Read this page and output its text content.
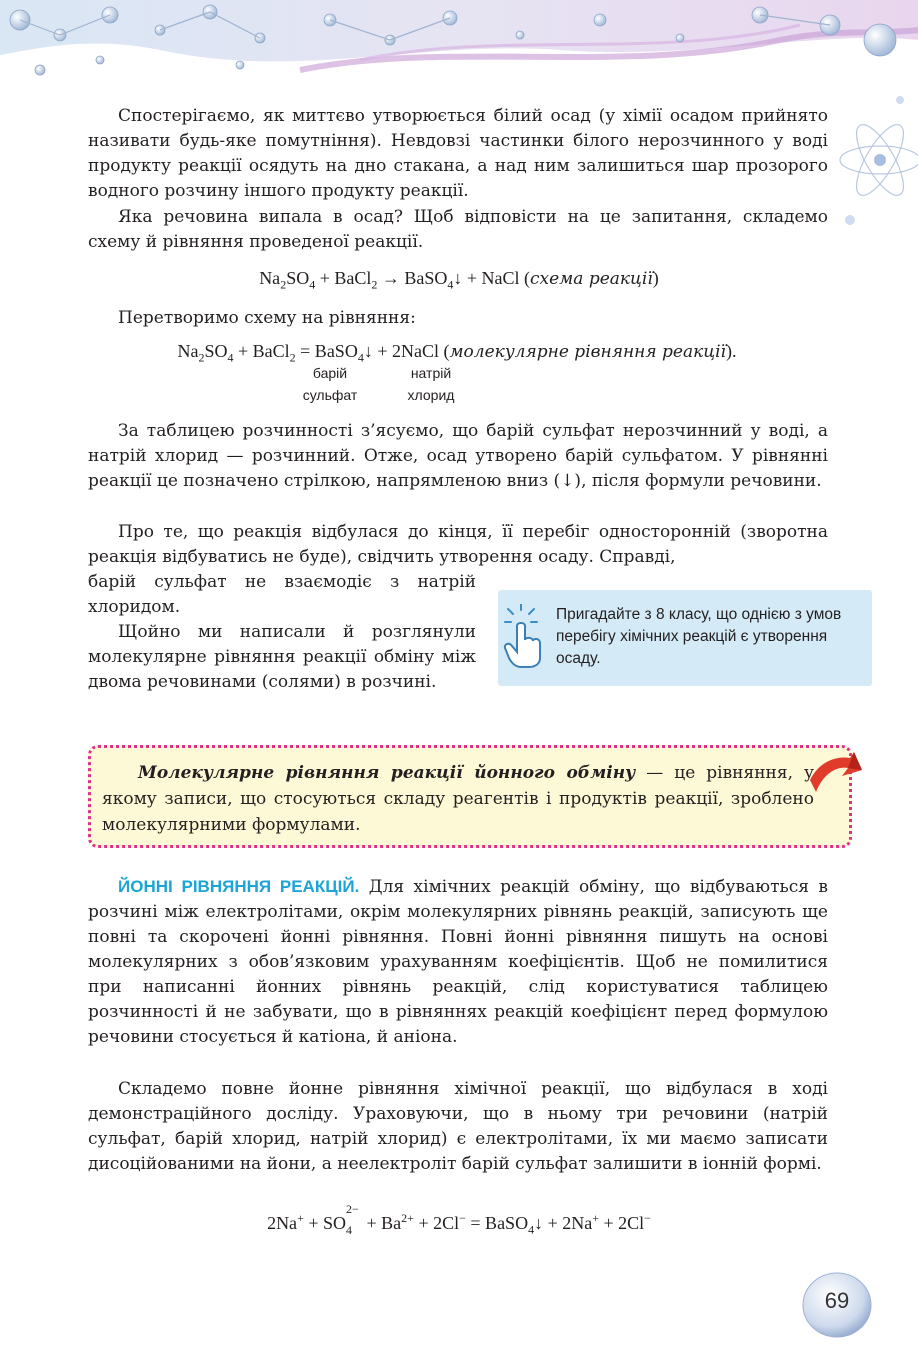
Спостерігаємо, як миттєво утворюється білий осад (у хімії осадом прийнято називати будь-яке помутніння). Невдовзі частинки білого нерозчинного у воді продукту реакції осядуть на дно стакана, а над ним залишиться шар прозорого водного розчину іншого продукту реакції.

Яка речовина випала в осад? Щоб відповісти на це запитання, складемо схему й рівняння проведеної реакції.

$Na_2SO_4$ + BaCl$_2$ → BaSO$_4$↓ + NaCl (схема реакції)

Перетворимо схему на рівняння:

$Na_2SO_4$ + BaCl$_2$ = BaSO$_4$↓ + 2NaCl (молекулярне рівняння реакції).
барій
сульфат
натрій
хлорид

За таблицею розчинності з’ясуємо, що барій сульфат нерозчинний у воді, а натрій хлорид — розчинний. Отже, осад утворено барій сульфатом. У рівнянні реакції це позначено стрілкою, напрямленою вниз (↓), після формули речовини.

Про те, що реакція відбулася до кінця, її перебіг односторонній (зворотна реакція відбуватись не буде), свідчить утворення осаду. Справді,

барій сульфат не взаємодіє з натрій хлоридом.

Щойно ми написали й розглянули молекулярне рівняння реакції обміну між двома речовинами (солями) в розчині.

Пригадайте з 8 класу, що однією з умов перебігу хімічних реакцій є утворення осаду.

Молекулярне рівняння реакції йонного обміну — це рівняння, у якому записи, що стосуються складу реагентів і продуктів реакції, зроблено молекулярними формулами.

ЙОННІ РІВНЯННЯ РЕАКЦІЙ. Для хімічних реакцій обміну, що відбуваються в розчині між електролітами, окрім молекулярних рівнянь реакцій, записують ще повні та скорочені йонні рівняння. Повні йонні рівняння пишуть на основі молекулярних з обов’язковим урахуванням коефіцієнтів. Щоб не помилитися при написанні йонних рівнянь реакцій, слід користуватися таблицею розчинності й не забувати, що в рівняннях реакцій коефіцієнт перед формулою речовини стосується й катіона, й аніона.

Складемо повне йонне рівняння хімічної реакції, що відбулася в ході демонстраційного досліду. Ураховуючи, що в ньому три речовини (натрій сульфат, барій хлорид, натрій хлорид) є електролітами, їх ми маємо записати дисоційованими на йони, а неелектроліт барій сульфат залишити в іонній формі.

2Na+ + SO
$_{2- 4} + Ba^{2+} + 2Cl^-$ = BaSO$_4$↓ + 2Na+ + 2Cl−
69
